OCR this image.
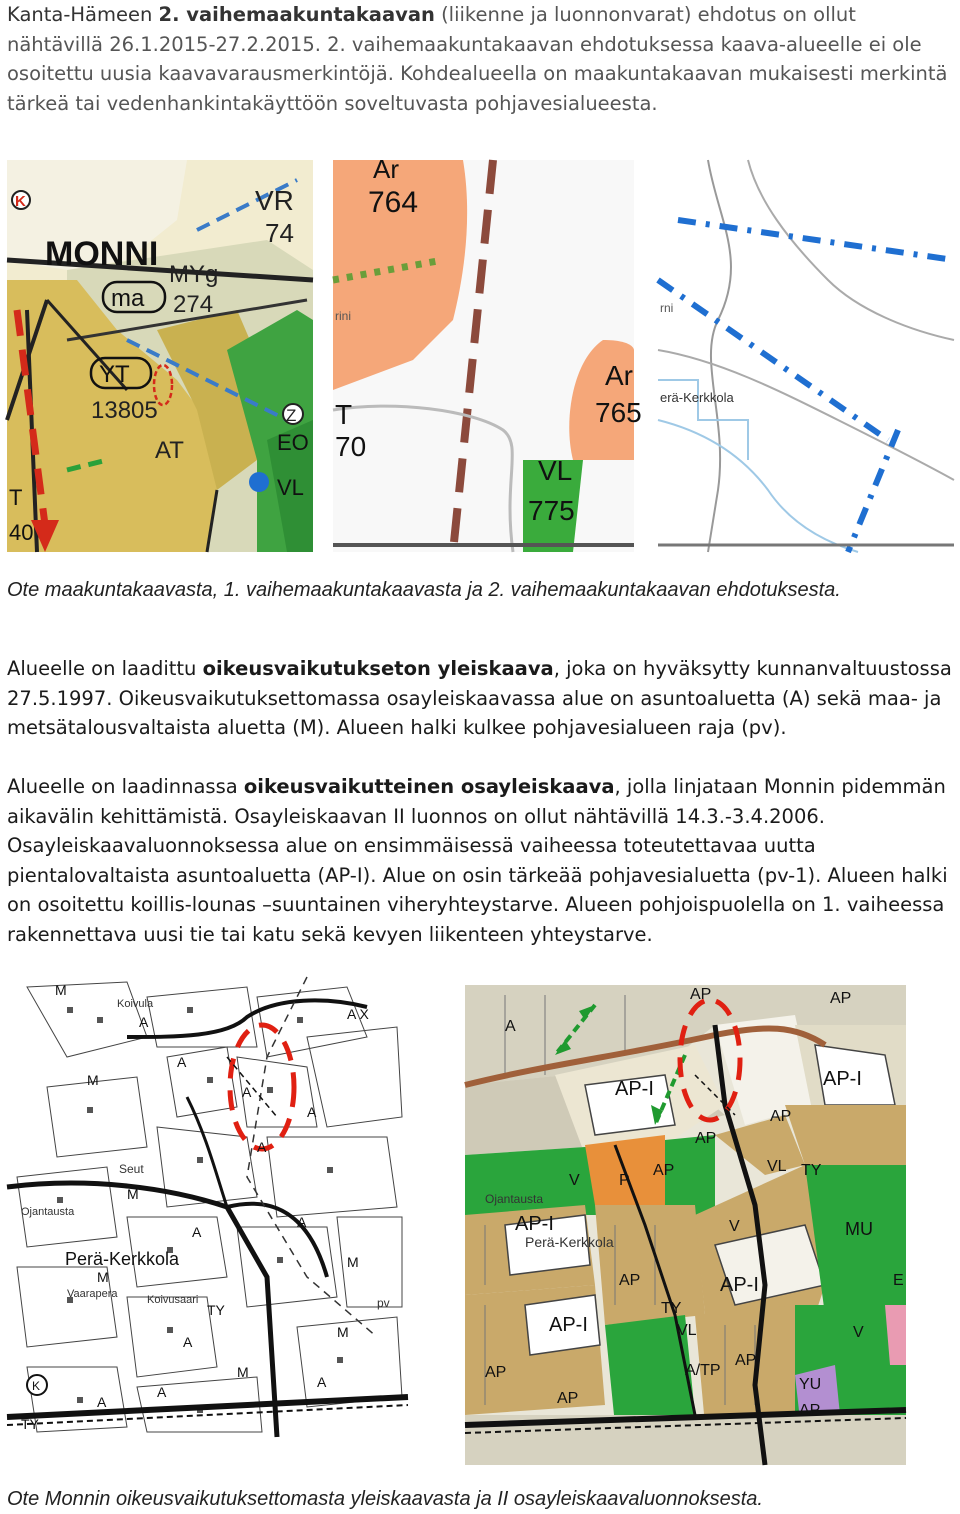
Kanta-Hämeen 2. vaihemaakuntakaavan (liikenne ja luonnonvarat) ehdotus on ollut nähtävillä 26.1.2015-27.2.2015. 2. vaihemaakuntakaavan ehdotuksessa kaava-alueelle ei ole osoitettu uusia kaavavarausmerkintöjä. Kohdealueella on maakuntakaavan mukaisesti merkintä tärkeä tai vedenhankintakäyttöön soveltuvasta pohjavesialueesta.
K
MONNI
VR
74
MYg
ma 274
YT
13805
AT
Z
EO
VL
T
40
Ar
764
rini
Ar
765
T
70
VL
775
rni
erä-Kerkkola
Ote maakuntakaavasta, 1. vaihemaakuntakaavasta ja 2. vaihemaakuntakaavan ehdotuksesta.
Alueelle on laadittu oikeusvaikutukseton yleiskaava, joka on hyväksytty kunnanvaltuustossa 27.5.1997. Oikeusvaikutuksettomassa osayleiskaavassa alue on asuntoaluetta (A) sekä maa- ja metsätalousvaltaista aluetta (M). Alueen halki kulkee pohjavesialueen raja (pv).
Alueelle on laadinnassa oikeusvaikutteinen osayleiskaava, jolla linjataan Monnin pidemmän aikavälin kehittämistä. Osayleiskaavan II luonnos on ollut nähtävillä 14.3.-3.4.2006. Osayleiskaavaluonnoksessa alue on ensimmäisessä vaiheessa toteutettavaa uutta pientalovaltaista asuntoaluetta (AP-I). Alue on osin tärkeää pohjavesialuetta (pv-1). Alueen halki on osoitettu koillis-lounas –suuntainen viheryhteystarve. Alueen pohjoispuolella on 1. vaiheessa rakennettava uusi tie tai katu sekä kevyen liikenteen yhteystarve.
M
A
Koivula
A X
A
A
M
A
A
Seut
Ojantausta
M
Perä-Kerkkola
A
M
A
M
Vaarapera	Koivusaari
TY
A
M
pv
K
A
A
TY
M
A
AP	AP
A
AP-I
AP
AP
AP-I
AP	VL TY
P
V
AP-I
Ojantausta
Perä-Kerkkola
V	MU
E
AP-I
AP
AP-I
TY
VL	V
A/TP
YU
AP
AP
AP
AP
Ote Monnin oikeusvaikutuksettomasta yleiskaavasta ja II osayleiskaavaluonnoksesta.
